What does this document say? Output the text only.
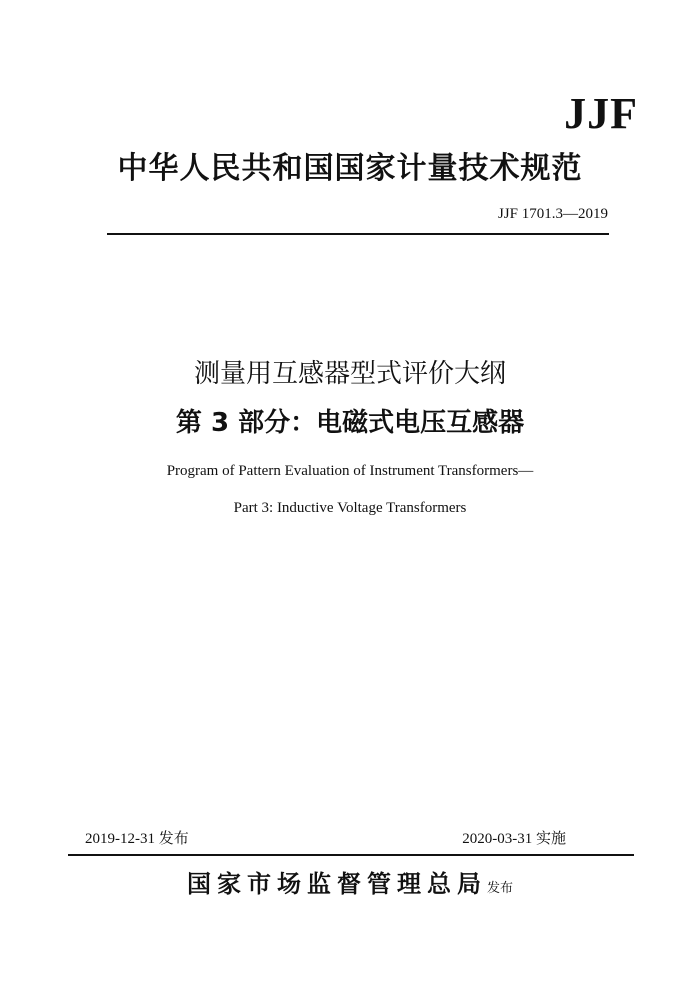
JJF
中华人民共和国国家计量技术规范
JJF 1701.3—2019
测量用互感器型式评价大纲
第 3 部分：电磁式电压互感器
Program of Pattern Evaluation of Instrument Transformers—
Part 3: Inductive Voltage Transformers
2019-12-31 发布	2020-03-31 实施
国家市场监督管理总局发布
